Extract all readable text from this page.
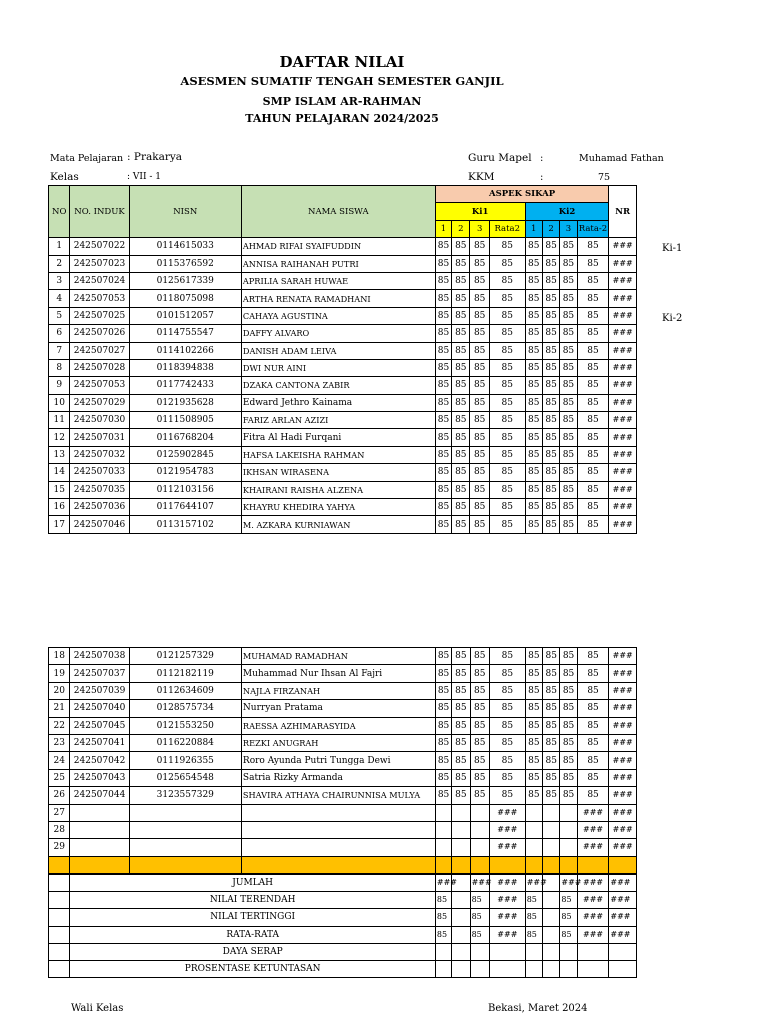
DAFTAR NILAI
ASESMEN SUMATIF TENGAH SEMESTER GANJIL
SMP ISLAM AR-RAHMAN
TAHUN PELAJARAN 2024/2025
Mata Pelajaran : Prakarya
Kelas	: VII - 1
Guru Mapel :	Muhamad Fathan
KKM	:	75
Ki-1
Ki-2
NO	NO. INDUK	NISN	NAMA SISWA	ASPEK SIKAP								NR
				Ki1				Ki2				
				1	2	3	Rata2	1	2	3	Rata-2	
1	242507022	0114615033	AHMAD RIFAI SYAIFUDDIN	85	85	85	85	85	85	85	85	###
2	242507023	0115376592	ANNISA RAIHANAH PUTRI	85	85	85	85	85	85	85	85	###
3	242507024	0125617339	APRILIA SARAH HUWAE	85	85	85	85	85	85	85	85	###
4	242507053	0118075098	ARTHA RENATA RAMADHANI	85	85	85	85	85	85	85	85	###
5	242507025	0101512057	CAHAYA AGUSTINA	85	85	85	85	85	85	85	85	###
6	242507026	0114755547	DAFFY ALVARO	85	85	85	85	85	85	85	85	###
7	242507027	0114102266	DANISH ADAM LEIVA	85	85	85	85	85	85	85	85	###
8	242507028	0118394838	DWI NUR AINI	85	85	85	85	85	85	85	85	###
9	242507053	0117742433	DZAKA CANTONA ZABIR	85	85	85	85	85	85	85	85	###
10	242507029	0121935628	Edward Jethro Kainama	85	85	85	85	85	85	85	85	###
11	242507030	0111508905	FARIZ ARLAN AZIZI	85	85	85	85	85	85	85	85	###
12	242507031	0116768204	Fitra Al Hadi Furqani	85	85	85	85	85	85	85	85	###
13	242507032	0125902845	HAFSA LAKEISHA RAHMAN	85	85	85	85	85	85	85	85	###
14	242507033	0121954783	IKHSAN WIRASENA	85	85	85	85	85	85	85	85	###
15	242507035	0112103156	KHAIRANI RAISHA ALZENA	85	85	85	85	85	85	85	85	###
16	242507036	0117644107	KHAYRU KHEDIRA YAHYA	85	85	85	85	85	85	85	85	###
17	242507046	0113157102	M. AZKARA KURNIAWAN	85	85	85	85	85	85	85	85	###
18	242507038	0121257329	MUHAMAD RAMADHAN	85	85	85	85	85	85	85	85	###
19	242507037	0112182119	Muhammad Nur Ihsan Al Fajri	85	85	85	85	85	85	85	85	###
20	242507039	0112634609	NAJLA FIRZANAH	85	85	85	85	85	85	85	85	###
21	242507040	0128575734	Nurryan Pratama	85	85	85	85	85	85	85	85	###
22	242507045	0121553250	RAESSA AZHIMARASYIDA	85	85	85	85	85	85	85	85	###
23	242507041	0116220884	REZKI ANUGRAH	85	85	85	85	85	85	85	85	###
24	242507042	0111926355	Roro Ayunda Putri Tungga Dewi	85	85	85	85	85	85	85	85	###
25	242507043	0125654548	Satria Rizky Armanda	85	85	85	85	85	85	85	85	###
26	242507044	3123557329	SHAVIRA ATHAYA CHAIRUNNISA MULYA	85	85	85	85	85	85	85	85	###
27							###				###	###
28							###				###	###
29							###				###	###

	JUMLAH	###		###	###	###		###	###	###
	NILAI TERENDAH	85		85	###	85		85	###	###
	NILAI TERTINGGI	85		85	###	85		85	###	###
	RATA-RATA	85		85	###	85		85	###	###
	DAYA SERAP									
	PROSENTASE KETUNTASAN									
Wali Kelas	Bekasi, Maret 2024
